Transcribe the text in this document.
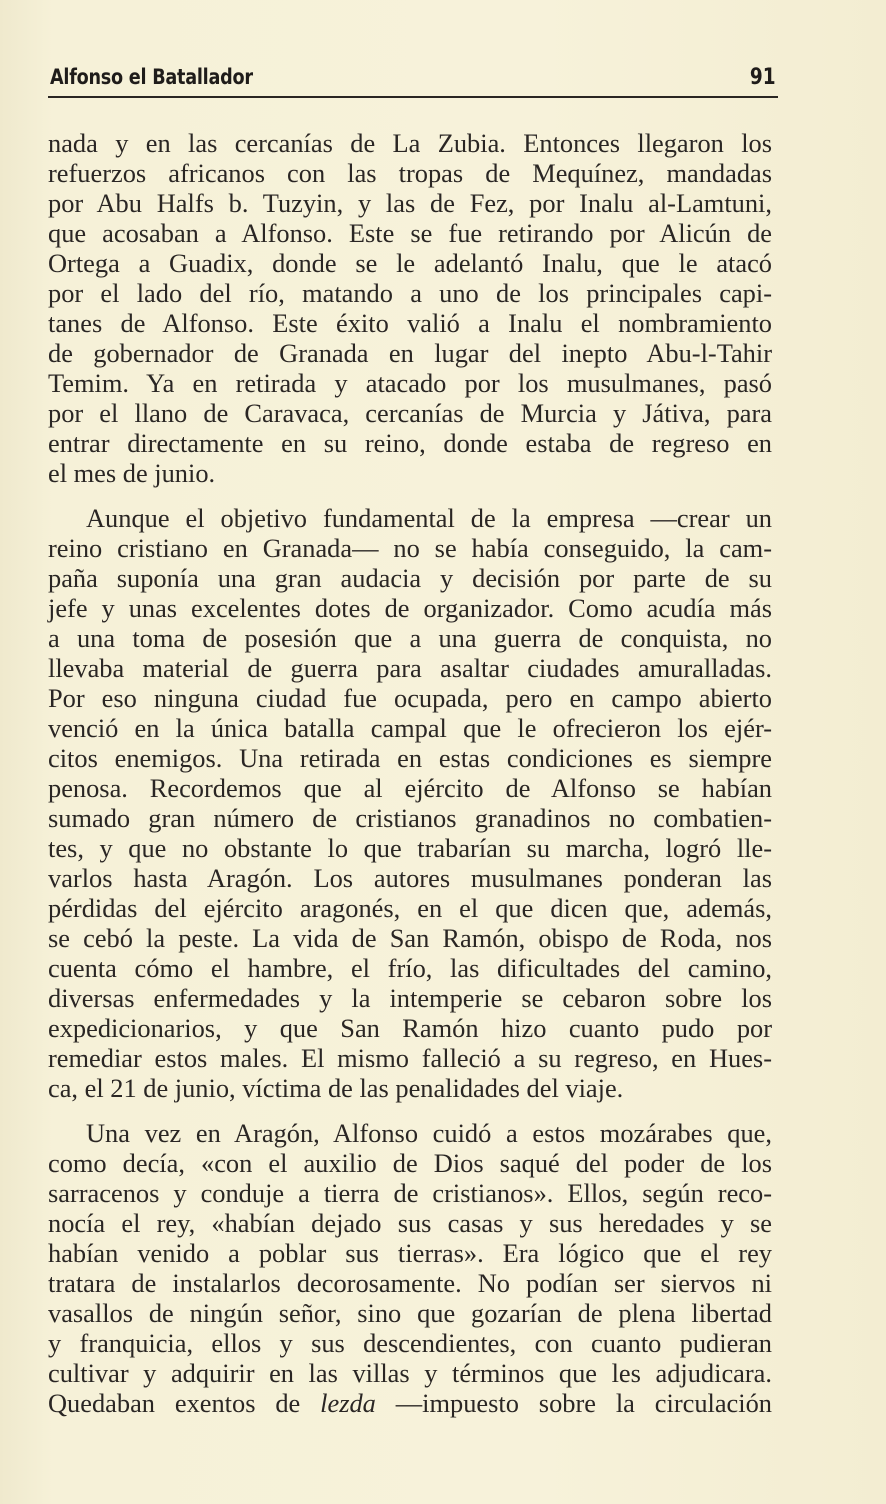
Alfonso el Batallador	91
nada y en las cercanías de La Zubia. Entonces llegaron los
refuerzos africanos con las tropas de Mequínez, mandadas
por Abu Halfs b. Tuzyin, y las de Fez, por Inalu al-Lamtuni,
que acosaban a Alfonso. Este se fue retirando por Alicún de
Ortega a Guadix, donde se le adelantó Inalu, que le atacó
por el lado del río, matando a uno de los principales capi-
tanes de Alfonso. Este éxito valió a Inalu el nombramiento
de gobernador de Granada en lugar del inepto Abu-l-Tahir
Temim. Ya en retirada y atacado por los musulmanes, pasó
por el llano de Caravaca, cercanías de Murcia y Játiva, para
entrar directamente en su reino, donde estaba de regreso en
el mes de junio.
Aunque el objetivo fundamental de la empresa —crear un
reino cristiano en Granada— no se había conseguido, la cam-
paña suponía una gran audacia y decisión por parte de su
jefe y unas excelentes dotes de organizador. Como acudía más
a una toma de posesión que a una guerra de conquista, no
llevaba material de guerra para asaltar ciudades amuralladas.
Por eso ninguna ciudad fue ocupada, pero en campo abierto
venció en la única batalla campal que le ofrecieron los ejér-
citos enemigos. Una retirada en estas condiciones es siempre
penosa. Recordemos que al ejército de Alfonso se habían
sumado gran número de cristianos granadinos no combatien-
tes, y que no obstante lo que trabarían su marcha, logró lle-
varlos hasta Aragón. Los autores musulmanes ponderan las
pérdidas del ejército aragonés, en el que dicen que, además,
se cebó la peste. La vida de San Ramón, obispo de Roda, nos
cuenta cómo el hambre, el frío, las dificultades del camino,
diversas enfermedades y la intemperie se cebaron sobre los
expedicionarios, y que San Ramón hizo cuanto pudo por
remediar estos males. El mismo falleció a su regreso, en Hues-
ca, el 21 de junio, víctima de las penalidades del viaje.
Una vez en Aragón, Alfonso cuidó a estos mozárabes que,
como decía, «con el auxilio de Dios saqué del poder de los
sarracenos y conduje a tierra de cristianos». Ellos, según reco-
nocía el rey, «habían dejado sus casas y sus heredades y se
habían venido a poblar sus tierras». Era lógico que el rey
tratara de instalarlos decorosamente. No podían ser siervos ni
vasallos de ningún señor, sino que gozarían de plena libertad
y franquicia, ellos y sus descendientes, con cuanto pudieran
cultivar y adquirir en las villas y términos que les adjudicara.
Quedaban exentos de lezda —impuesto sobre la circulación
